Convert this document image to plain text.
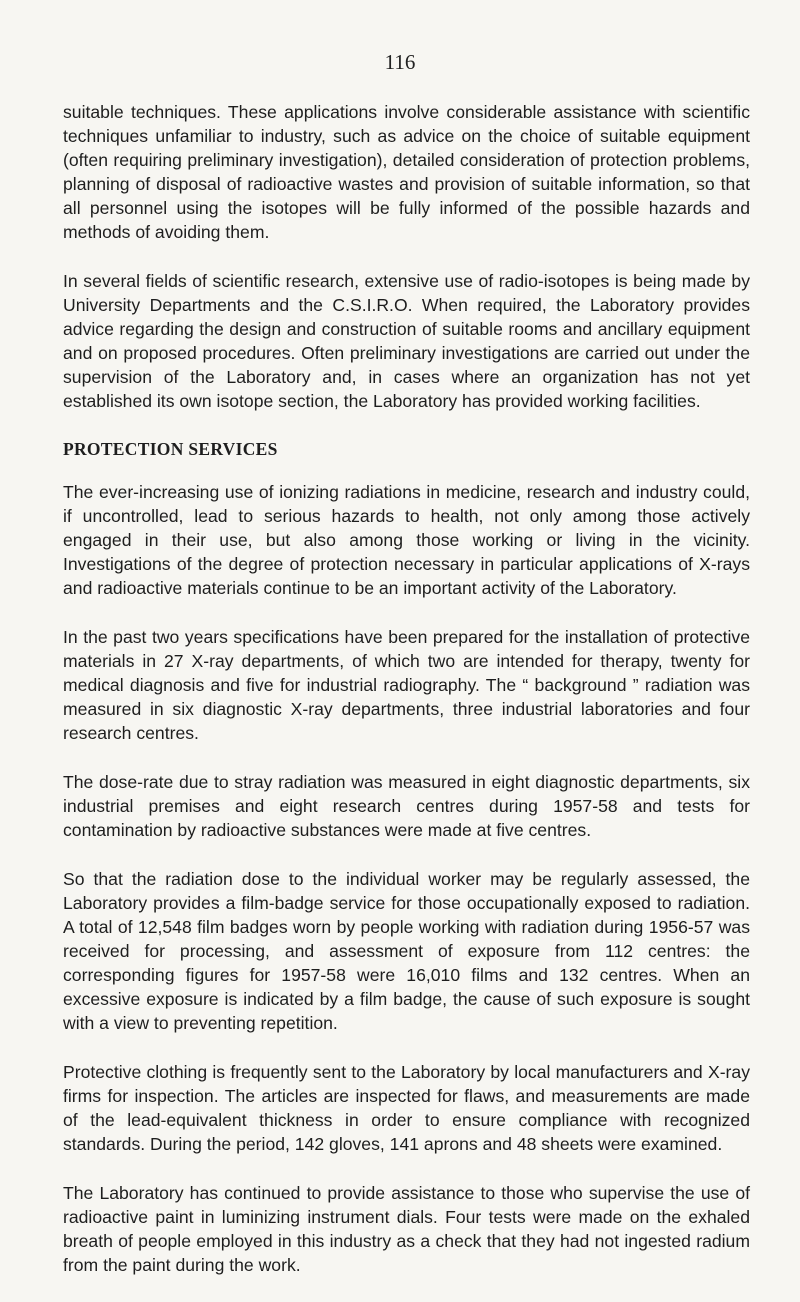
116

suitable techniques. These applications involve considerable assistance with scientific techniques unfamiliar to industry, such as advice on the choice of suitable equipment (often requiring preliminary investigation), detailed consideration of protection problems, planning of disposal of radioactive wastes and provision of suitable information, so that all personnel using the isotopes will be fully informed of the possible hazards and methods of avoiding them.

In several fields of scientific research, extensive use of radio-isotopes is being made by University Departments and the C.S.I.R.O. When required, the Laboratory provides advice regarding the design and construction of suitable rooms and ancillary equipment and on proposed procedures. Often preliminary investigations are carried out under the supervision of the Laboratory and, in cases where an organization has not yet established its own isotope section, the Laboratory has provided working facilities.

PROTECTION SERVICES

The ever-increasing use of ionizing radiations in medicine, research and industry could, if uncontrolled, lead to serious hazards to health, not only among those actively engaged in their use, but also among those working or living in the vicinity. Investigations of the degree of protection necessary in particular applications of X-rays and radioactive materials continue to be an important activity of the Laboratory.

In the past two years specifications have been prepared for the installation of protective materials in 27 X-ray departments, of which two are intended for therapy, twenty for medical diagnosis and five for industrial radiography. The “ background ” radiation was measured in six diagnostic X-ray departments, three industrial laboratories and four research centres.

The dose-rate due to stray radiation was measured in eight diagnostic departments, six industrial premises and eight research centres during 1957-58 and tests for contamination by radioactive substances were made at five centres.

So that the radiation dose to the individual worker may be regularly assessed, the Laboratory provides a film-badge service for those occupationally exposed to radiation. A total of 12,548 film badges worn by people working with radiation during 1956-57 was received for processing, and assessment of exposure from 112 centres: the corresponding figures for 1957-58 were 16,010 films and 132 centres. When an excessive exposure is indicated by a film badge, the cause of such exposure is sought with a view to preventing repetition.

Protective clothing is frequently sent to the Laboratory by local manufacturers and X-ray firms for inspection. The articles are inspected for flaws, and measurements are made of the lead-equivalent thickness in order to ensure compliance with recognized standards. During the period, 142 gloves, 141 aprons and 48 sheets were examined.

The Laboratory has continued to provide assistance to those who supervise the use of radioactive paint in luminizing instrument dials. Four tests were made on the exhaled breath of people employed in this industry as a check that they had not ingested radium from the paint during the work.
